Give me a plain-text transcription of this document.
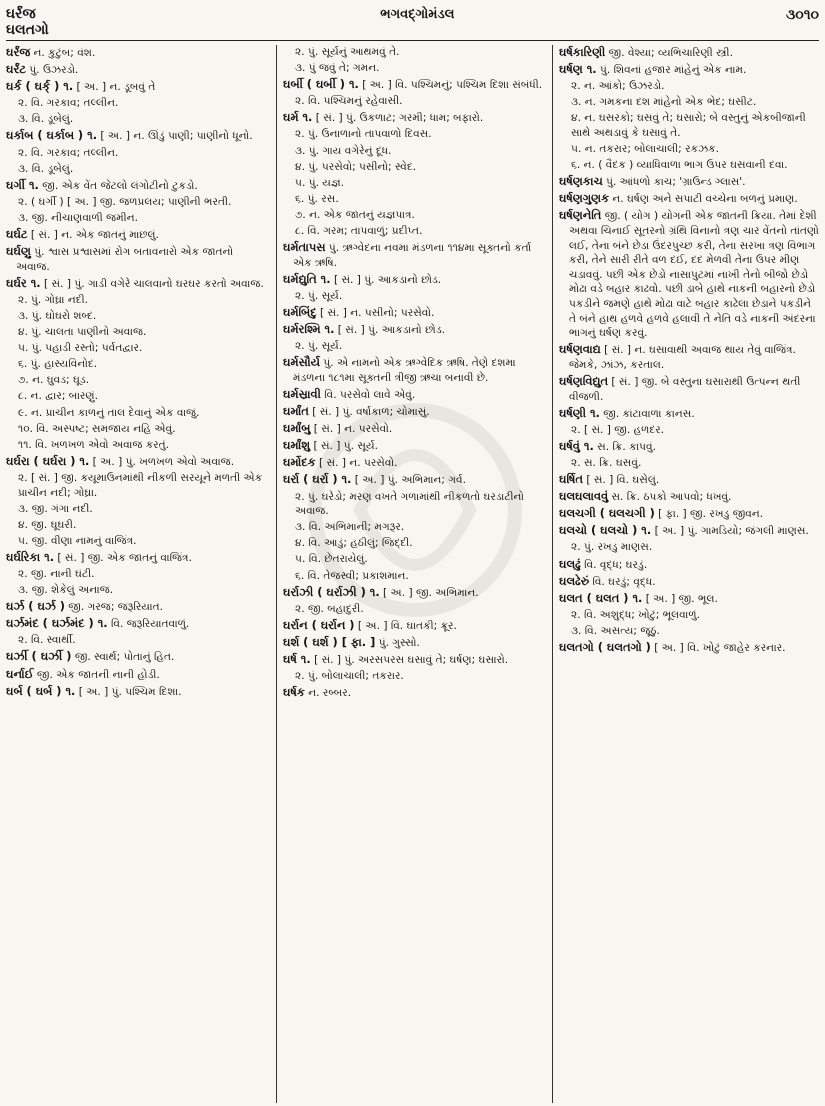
ઘર્રંજ
ઘલતગો
ભગવદ્ગોમંડલ	૩૦૧૦
ઘર્રંજ ન. કુટુંબ; વંશ.
ઘર્રંટ પું. ઉઝરડો.
ઘર્ક ( ઘર્ક્ ) ૧. [ અ. ] ન. ડૂબવું તે
૨. વિ. ગરકાવ; તલ્લીન.
૩. વિ. ડૂબેલું.
ઘર્કાબ ( ઘર્કાબ ) ૧. [ અ. ] ન. ઊંડું પાણી; પાણીનો ધૂનો.
૨. વિ. ગરકાવ; તલ્લીન.
૩. વિ. ડૂબેલું.
ઘર્ગી ૧. જી. એક વેંત જેટલો લંગોટીનો ટુકડો.
૨. ( ઘર્ગી ) [ અ. ] જી. જળપ્રલય; પાણીની ભરતી.
૩. જી. નીચાણવાળી જમીન.
ઘર્ઘટ [ સં. ] ન. એક જાતનું માછલું.
ઘર્ઘણુ પું. શ્વાસ પ્રશ્વાસમાં રોગ બતાવનારો એક જાતનો અવાજ.
ઘર્ઘર ૧. [ સં. ] પું. ગાડી વગેરે ચાલવાનો ઘરઘર કરતો અવાજ.
૨. પું. ગોઘ્રા નદી.
૩. પું. ઘોઘરો શબ્દ.
૪. પું. ચાલતા પાણીનો અવાજ.
૫. પું. પહાડી રસ્તો; પર્વતદ્વાર.
૬. પું. હાસ્યવિનોદ.
૭. ન. ઘુવડ; ઘૂડ.
૮. ન. દ્વાર; બારણું.
૯. ન. પ્રાચીન કાળનું તાલ દેવાનું એક વાજું.
૧૦. વિ. અસ્પષ્ટ; સમજાય નહિ એવું.
૧૧. વિ. ખળખળ એવો અવાજ કરતું.
ઘર્ઘરા ( ઘર્ઘરા ) ૧. [ અ. ] પું. ખળખળ એવો અવાજ.
૨. [ સં. ] જી. કયૂમાઉનમાંથી નીકળી સરયૂને મળતી એક પ્રાચીન નદી; ગોઘ્રા.
૩. જી. ગંગા નદી.
૪. જી. ઘૂઘરી.
૫. જી. વીણા નામનું વાજિંત્ર.
ઘર્ઘરિકા ૧. [ સં. ] જી. એક જાતનું વાજિંત્ર.
૨. જી. નાની ઘંટી.
૩. જી. શેકેલું અનાજ.
ઘર્ઝ ( ઘર્ઝ ) જી. ગરજ; જરૂરિયાત.
ઘર્ઝમંદ ( ઘર્ઝમંદ ) ૧. વિ. જરૂરિયાતવાળું.
૨. વિ. સ્વાર્થી.
ઘર્ઝી ( ઘર્ઝી ) જી. સ્વાર્થ; પોતાનું હિત.
ઘર્નાઈ જી. એક જાતની નાની હોડી.
ઘર્બ ( ઘર્બ ) ૧. [ અ. ] પું. પશ્ચિમ દિશા.
૨. પું. સૂર્યનું આથમવું તે.
૩. પું જવું તે; ગમન.
ઘર્બી ( ઘર્બી ) ૧. [ અ. ] વિ. પશ્ચિમનું; પશ્ચિમ દિશા સંબંધી.
૨. વિ. પશ્ચિમનું રહેવાસી.
ઘર્મ ૧. [ સં. ] પું. ઉકળાટ; ગરમી; ધામ; બફારો.
૨. પું. ઉનાળાનો તાપવાળો દિવસ.
૩. પું. ગાય વગેરેનું દૂધ.
૪. પું. પરસેવો; પસીનો; સ્વેદ.
૫. પું. યજ્ઞ.
૬. પું. રસ.
૭. ન. એક જાતનું યજ્ઞપાત્ર.
૮. વિ. ગરમ; તાપવાળું; પ્રદીપ્ત.
ઘર્મતાપસ પું. ઋગ્વેદના નવમા મંડળના ૧૧૪મા સૂક્તનો કર્તા એક ઋષિ.
ઘર્મદ્યુતિ ૧. [ સં. ] પું. આકડાનો છોડ.
૨. પું. સૂર્ય.
ઘર્મબિંદુ [ સં. ] ન. પસીનો; પરસેવો.
ઘર્મરશ્મિ ૧. [ સં. ] પું. આકડાનો છોડ.
૨. પું. સૂર્ય.
ઘર્મસૌર્ય પું. એ નામનો એક ઋગ્વેદિક ઋષિ. તેણે દશમા મંડળના ૧૮૧મા સૂક્તની ત્રીજી ઋચા બનાવી છે.
ઘર્મસ્રાવી વિ. પરસેવો લાવે એવું.
ઘર્માંત [ સં. ] પું. વર્ષાકાળ; ચોમાસું.
ઘર્માંબુ [ સં. ] ન. પરસેવો.
ઘર્માંશુ [ સં. ] પું. સૂર્ય.
ઘર્મોદક [ સં. ] ન. પરસેવો.
ઘર્રા ( ઘર્રા ) ૧. [ અ. ] પું. અભિમાન; ગર્વ.
૨. પું. ઘરેડો; મરણ વખતે ગળામાંથી નીકળતો ઘરડાટીનો અવાજ.
૩. વિ. અભિમાની; મગરૂર.
૪. વિ. આડું; હઠીલું; જિદ્દી.
૫. વિ. છેતરાયેલું.
૬. વિ. તેજસ્વી; પ્રકાશમાન.
ઘર્રાઝી ( ઘર્રાઝી ) ૧. [ અ. ] જી. અભિમાન.
૨. જી. બહાદુરી.
ઘર્રાન ( ઘર્રાન ) [ અ. ] વિ. ઘાતકી; ક્રૂર.
ઘર્શ ( ઘર્શ ) [ ફા. ] પું. ગુસ્સો.
ઘર્ષ ૧. [ સં. ] પું. અરસપરસ ઘસાવું તે; ઘર્ષણ; ઘસારો.
૨. પું. બોલાચાલી; તકરાર.
ઘર્ષક ન. રબ્બર.
ઘર્ષકારિણી જી. વેશ્યા; વ્યભિચારિણી સ્ત્રી.
ઘર્ષણ ૧. પું. શિવનાં હજાર માંહેનું એક નામ.
૨. ન. આંકો; ઉઝરડો.
૩. ન. ગમકના દશ માંહેનો એક ભેદ; ઘસીટ.
૪. ન. ઘસરકો; ઘસવું તે; ઘસારો; બે વસ્તુનું એકબીજાની સાથે અથડાવું કે ઘસાવું તે.
૫. ન. તકરાર; બોલાચાલી; રકઝક.
૬. ન. ( વૈદક ) વ્યાધિવાળા ભાગ ઉપર ઘસવાની દવા.
ઘર્ષણકાચ પું. આંધળો કાચ; 'ગ્રાઉન્ડ ગ્લાસ'.
ઘર્ષણગુણક ન. ઘર્ષણ અને સપાટી વચ્ચેના બળનું પ્રમાણ.
ઘર્ષણનેતિ જી. ( યોગ ) યોગની એક જાતની ક્રિયા. તેમાં દેશી અથવા ચિનાઈ સૂતરનો ગ્રંથિ વિનાનો ત્રણ ચાર વેંતનો તાંતણો લઈ, તેના બંને છેડા ઉંદરપુચ્છ કરી, તેના સરખા ત્રણ વિભાગ કરી, તેને સારી રીતે વળ દઈ, દદ મેળવી તેના ઉપર મીણ ચડાવવું. પછી એક છેડો નાસાપુટમાં નાખી તેનો બીજો છેડો મોઢા વડે બહાર કાઢવો. પછી ડાબે હાથે નાકની બહારનો છેડો પકડીને જમણે હાથે મોઢા વાટે બહાર કાઢેલા છેડાને પકડીને તે બંને હાથ હળવે હળવે હલાવી તે નેતિ વડે નાકની અંદરના ભાગનું ઘર્ષણ કરવું.
ઘર્ષણવાદ્ય [ સં. ] ન. ઘસાવાથી અવાજ થાય તેવું વાજિંત્ર. જેમકે, ઝાંઝ, કરતાલ.
ઘર્ષણવિદ્યુત [ સં. ] જી. બે વસ્તુના ઘસારાથી ઉત્પન્ન થતી વીજળી.
ઘર્ષણી ૧. જી. કાંટાવાળા કાનસ.
૨. [ સં. ] જી. હળદર.
ઘર્ષવું ૧. સ. ક્રિ. કાપવું.
૨. સ. ક્રિ. ઘસવું.
ઘર્ષિત [ સં. ] વિ. ઘસેલું.
ઘલઘલાવવું સ. ક્રિ. ઠપકો આપવો; ધખવું.
ઘલચગી ( ઘલચગી ) [ ફા. ] જી. રખડુ જીવન.
ઘલચો ( ઘલચો ) ૧. [ અ. ] પું. ગામડિયો; જંગલી માણસ.
૨. પું. રખડુ માણસ.
ઘલઢું વિ. વૃદ્ધ; ઘરડું.
ઘલઢેરું વિ. ઘરડું; વૃદ્ધ.
ઘલત ( ઘલત ) ૧. [ અ. ] જી. ભૂલ.
૨. વિ. અશુદ્ધ; ખોટું; ભૂલવાળું.
૩. વિ. અસત્ય; જૂઠું.
ઘલતગો ( ઘલતગો ) [ અ. ] વિ. ખોટું જાહેર કરનાર.
